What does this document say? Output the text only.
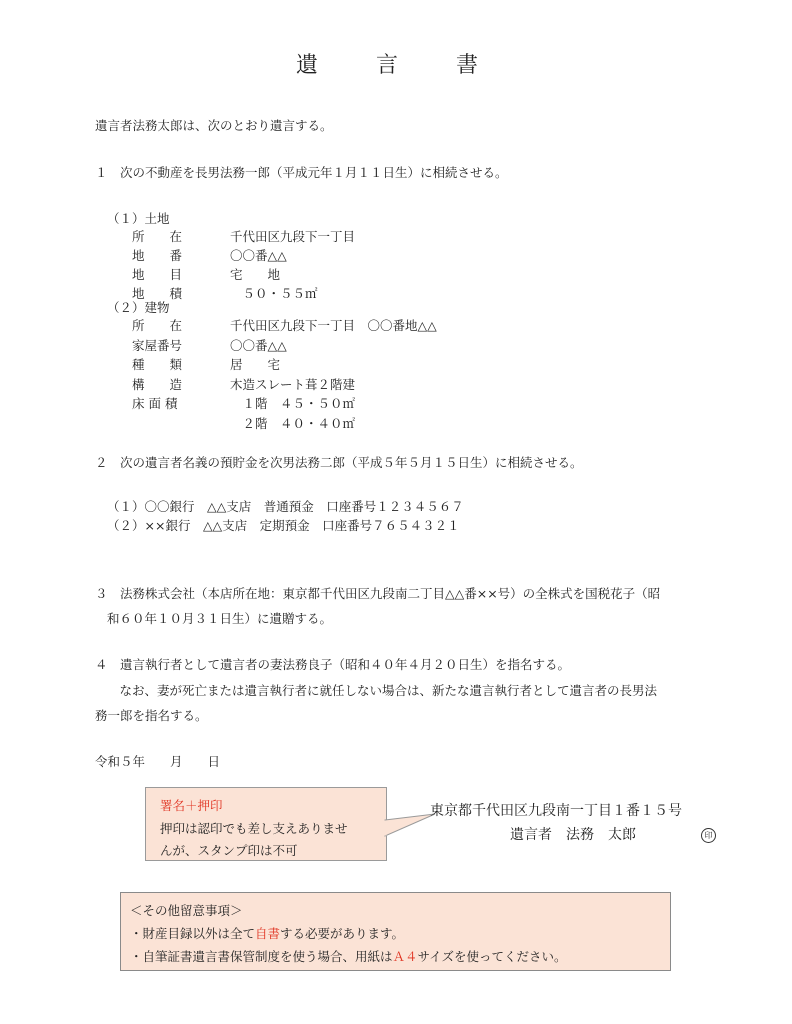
遺　言　書
遺言者法務太郎は、次のとおり遺言する。
１　次の不動産を長男法務一郎（平成元年１月１１日生）に相続させる。
（１）土地
所　　在	千代田区九段下一丁目
地　　番	〇〇番△△
地　　目	宅　　地
地　　積	　５０・５５㎡
（２）建物
所　　在	千代田区九段下一丁目　〇〇番地△△
家屋番号	〇〇番△△
種　　類	居　　宅
構　　造	木造スレート葺２階建
床 面 積	　１階　４５・５０㎡
　２階　４０・４０㎡
２　次の遺言者名義の預貯金を次男法務二郎（平成５年５月１５日生）に相続させる。
（１）〇〇銀行　△△支店　普通預金　口座番号１２３４５６７
（２）××銀行　△△支店　定期預金　口座番号７６５４３２１
３　法務株式会社（本店所在地：東京都千代田区九段南二丁目△△番××号）の全株式を国税花子（昭
和６０年１０月３１日生）に遺贈する。
４　遺言執行者として遺言者の妻法務良子（昭和４０年４月２０日生）を指名する。
　なお、妻が死亡または遺言執行者に就任しない場合は、新たな遺言執行者として遺言者の長男法
務一郎を指名する。
令和５年　　月　　日
署名＋押印
押印は認印でも差し支えありませ
んが、スタンプ印は不可
東京都千代田区九段南一丁目１番１５号
遺言者　法務　太郎	印
＜その他留意事項＞
・財産目録以外は全て自書する必要があります。
・自筆証書遺言書保管制度を使う場合、用紙はＡ４サイズを使ってください。
